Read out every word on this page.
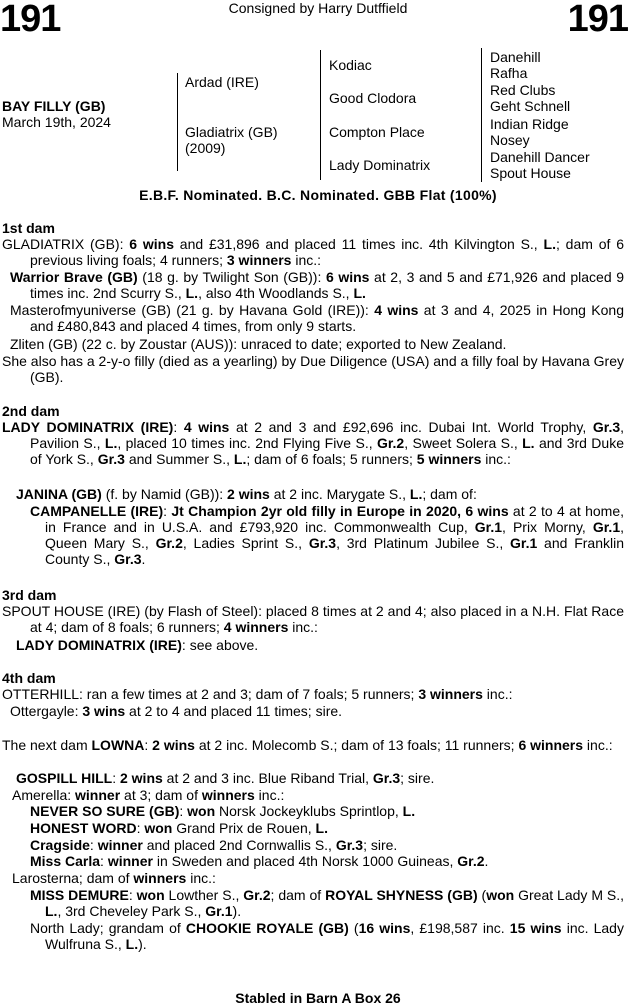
191	Consigned by Harry Dutffield	191
BAY FILLY (GB)
March 19th, 2024
Ardad (IRE)
Gladiatrix (GB)
(2009)
Kodiac
Good Clodora
Compton Place
Lady Dominatrix
Danehill
Rafha
Red Clubs
Geht Schnell
Indian Ridge
Nosey
Danehill Dancer
Spout House
E.B.F. Nominated. B.C. Nominated. GBB Flat (100%)
1st dam
GLADIATRIX (GB): 6 wins and £31,896 and placed 11 times inc. 4th Kilvington S., L.; dam of 6 previous living foals; 4 runners; 3 winners inc.:
Warrior Brave (GB) (18 g. by Twilight Son (GB)): 6 wins at 2, 3 and 5 and £71,926 and placed 9 times inc. 2nd Scurry S., L., also 4th Woodlands S., L.
Masterofmyuniverse (GB) (21 g. by Havana Gold (IRE)): 4 wins at 3 and 4, 2025 in Hong Kong and £480,843 and placed 4 times, from only 9 starts.
Zliten (GB) (22 c. by Zoustar (AUS)): unraced to date; exported to New Zealand.
She also has a 2-y-o filly (died as a yearling) by Due Diligence (USA) and a filly foal by Havana Grey (GB).
2nd dam
LADY DOMINATRIX (IRE): 4 wins at 2 and 3 and £92,696 inc. Dubai Int. World Trophy, Gr.3, Pavilion S., L., placed 10 times inc. 2nd Flying Five S., Gr.2, Sweet Solera S., L. and 3rd Duke of York S., Gr.3 and Summer S., L.; dam of 6 foals; 5 runners; 5 winners inc.:
JANINA (GB) (f. by Namid (GB)): 2 wins at 2 inc. Marygate S., L.; dam of:
CAMPANELLE (IRE): Jt Champion 2yr old filly in Europe in 2020, 6 wins at 2 to 4 at home, in France and in U.S.A. and £793,920 inc. Commonwealth Cup, Gr.1, Prix Morny, Gr.1, Queen Mary S., Gr.2, Ladies Sprint S., Gr.3, 3rd Platinum Jubilee S., Gr.1 and Franklin County S., Gr.3.
3rd dam
SPOUT HOUSE (IRE) (by Flash of Steel): placed 8 times at 2 and 4; also placed in a N.H. Flat Race at 4; dam of 8 foals; 6 runners; 4 winners inc.:
LADY DOMINATRIX (IRE): see above.
4th dam
OTTERHILL: ran a few times at 2 and 3; dam of 7 foals; 5 runners; 3 winners inc.:
Ottergayle: 3 wins at 2 to 4 and placed 11 times; sire.
The next dam LOWNA: 2 wins at 2 inc. Molecomb S.; dam of 13 foals; 11 runners; 6 winners inc.:
GOSPILL HILL: 2 wins at 2 and 3 inc. Blue Riband Trial, Gr.3; sire.
Amerella: winner at 3; dam of winners inc.:
NEVER SO SURE (GB): won Norsk Jockeyklubs Sprintlop, L.
HONEST WORD: won Grand Prix de Rouen, L.
Cragside: winner and placed 2nd Cornwallis S., Gr.3; sire.
Miss Carla: winner in Sweden and placed 4th Norsk 1000 Guineas, Gr.2.
Larosterna; dam of winners inc.:
MISS DEMURE: won Lowther S., Gr.2; dam of ROYAL SHYNESS (GB) (won Great Lady M S., L., 3rd Cheveley Park S., Gr.1).
North Lady; grandam of CHOOKIE ROYALE (GB) (16 wins, £198,587 inc. 15 wins inc. Lady Wulfruna S., L.).
Stabled in Barn A Box 26
